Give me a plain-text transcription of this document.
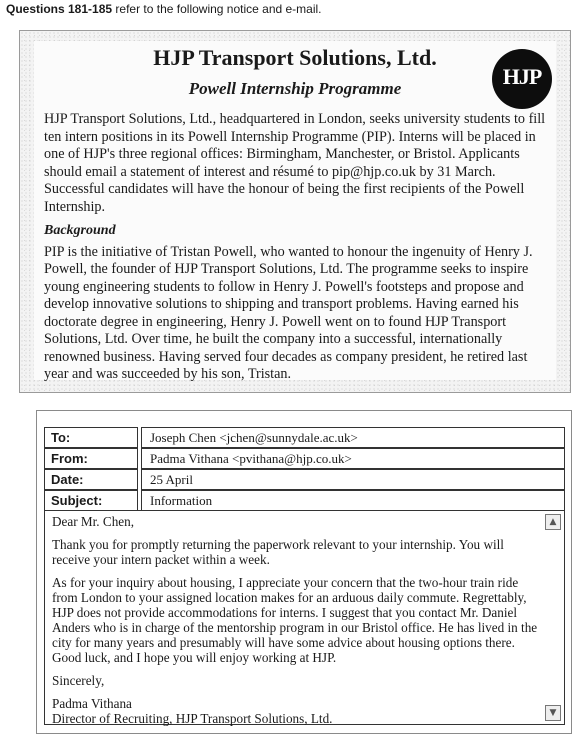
Questions 181-185 refer to the following notice and e-mail.
HJP Transport Solutions, Ltd.
Powell Internship Programme	HJP

HJP Transport Solutions, Ltd., headquartered in London, seeks university students to fill ten intern positions in its Powell Internship Programme (PIP). Interns will be placed in one of HJP's three regional offices: Birmingham, Manchester, or Bristol. Applicants should email a statement of interest and résumé to pip@hjp.co.uk by 31 March. Successful candidates will have the honour of being the first recipients of the Powell Internship.

Background

PIP is the initiative of Tristan Powell, who wanted to honour the ingenuity of Henry J. Powell, the founder of HJP Transport Solutions, Ltd. The programme seeks to inspire young engineering students to follow in Henry J. Powell's footsteps and propose and develop innovative solutions to shipping and transport problems. Having earned his doctorate degree in engineering, Henry J. Powell went on to found HJP Transport Solutions, Ltd. Over time, he built the company into a successful, internationally renowned business. Having served four decades as company president, he retired last year and was succeeded by his son, Tristan.

To:	Joseph Chen <jchen@sunnydale.ac.uk>
From:	Padma Vithana <pvithana@hjp.co.uk>
Date:	25 April
Subject:	Information

Dear Mr. Chen,

Thank you for promptly returning the paperwork relevant to your internship. You will receive your intern packet within a week.

As for your inquiry about housing, I appreciate your concern that the two-hour train ride from London to your assigned location makes for an arduous daily commute. Regrettably, HJP does not provide accommodations for interns. I suggest that you contact Mr. Daniel Anders who is in charge of the mentorship program in our Bristol office. He has lived in the city for many years and presumably will have some advice about housing options there. Good luck, and I hope you will enjoy working at HJP.

Sincerely,

Padma Vithana

Director of Recruiting, HJP Transport Solutions, Ltd.

▲
▼
